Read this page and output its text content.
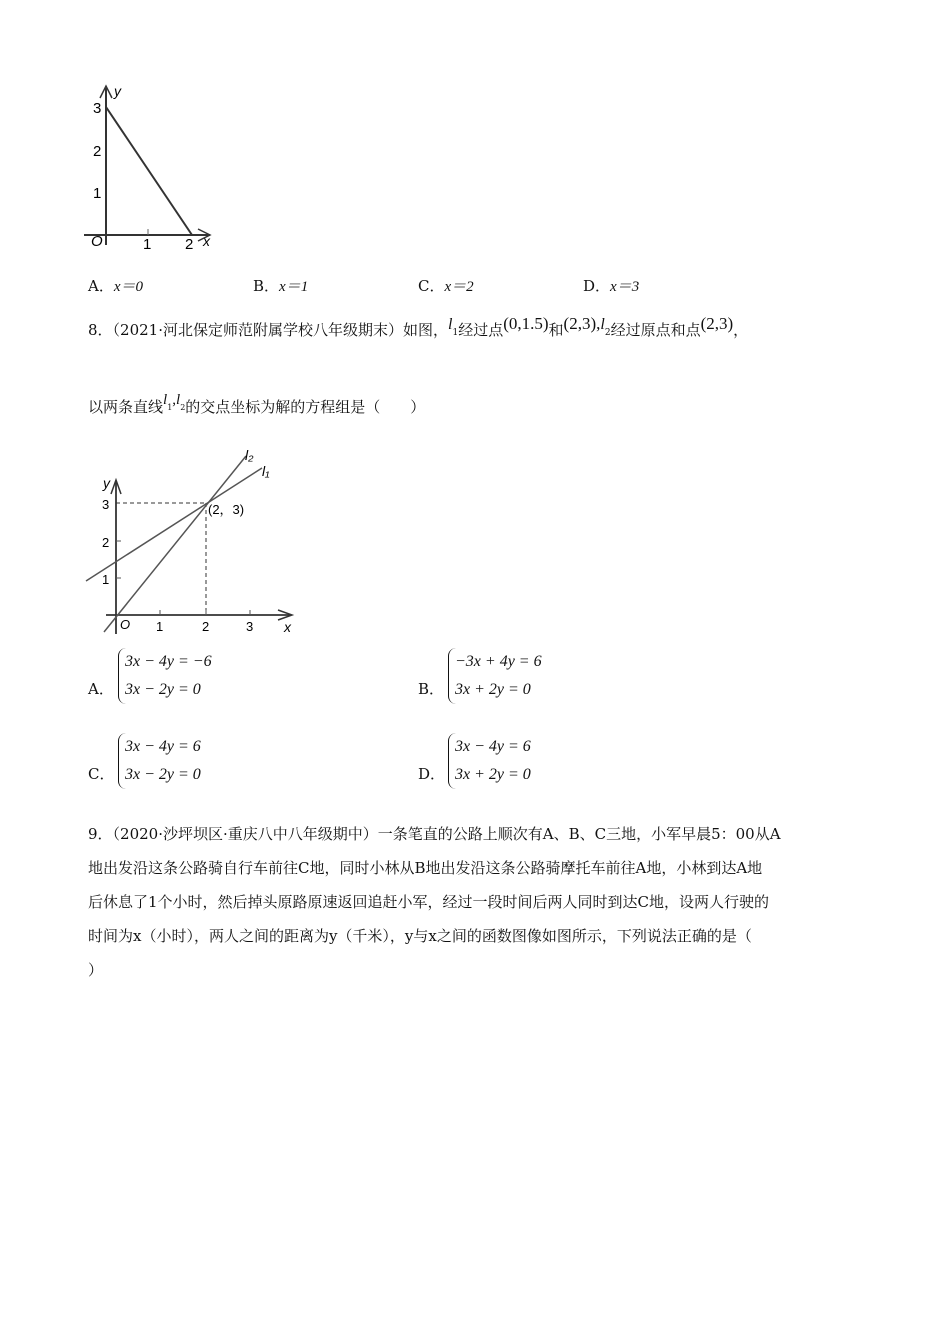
y
3
2
1
O	1 2 x
A．x＝0	B．x＝1	C．x＝2	D．x＝3
8．（2021·河北保定师范附属学校八年级期末）如图，$l_1$经过点(0,1.5)和$(2,3),l_2$经过原点和点(2,3)，
以两条直线$l_1,l_2$的交点坐标为解的方程组是（　　）
y
3
2
1
O 1	2	3 x
l₂
l₁
(2，3)
A．
3x − 4y = −6
3x − 2y = 0	B．
−3x + 4y = 6
3x + 2y = 0
C．
3x − 4y = 6
3x − 2y = 0	D．
3x − 4y = 6
3x + 2y = 0
9．（2020·沙坪坝区·重庆八中八年级期中）一条笔直的公路上顺次有A、B、C三地，小军早晨5：00从A
地出发沿这条公路骑自行车前往C地，同时小林从B地出发沿这条公路骑摩托车前往A地，小林到达A地
后休息了1个小时，然后掉头原路原速返回追赶小军，经过一段时间后两人同时到达C地，设两人行驶的
时间为x（小时），两人之间的距离为y（千米），y与x之间的函数图像如图所示，下列说法正确的是（
）
